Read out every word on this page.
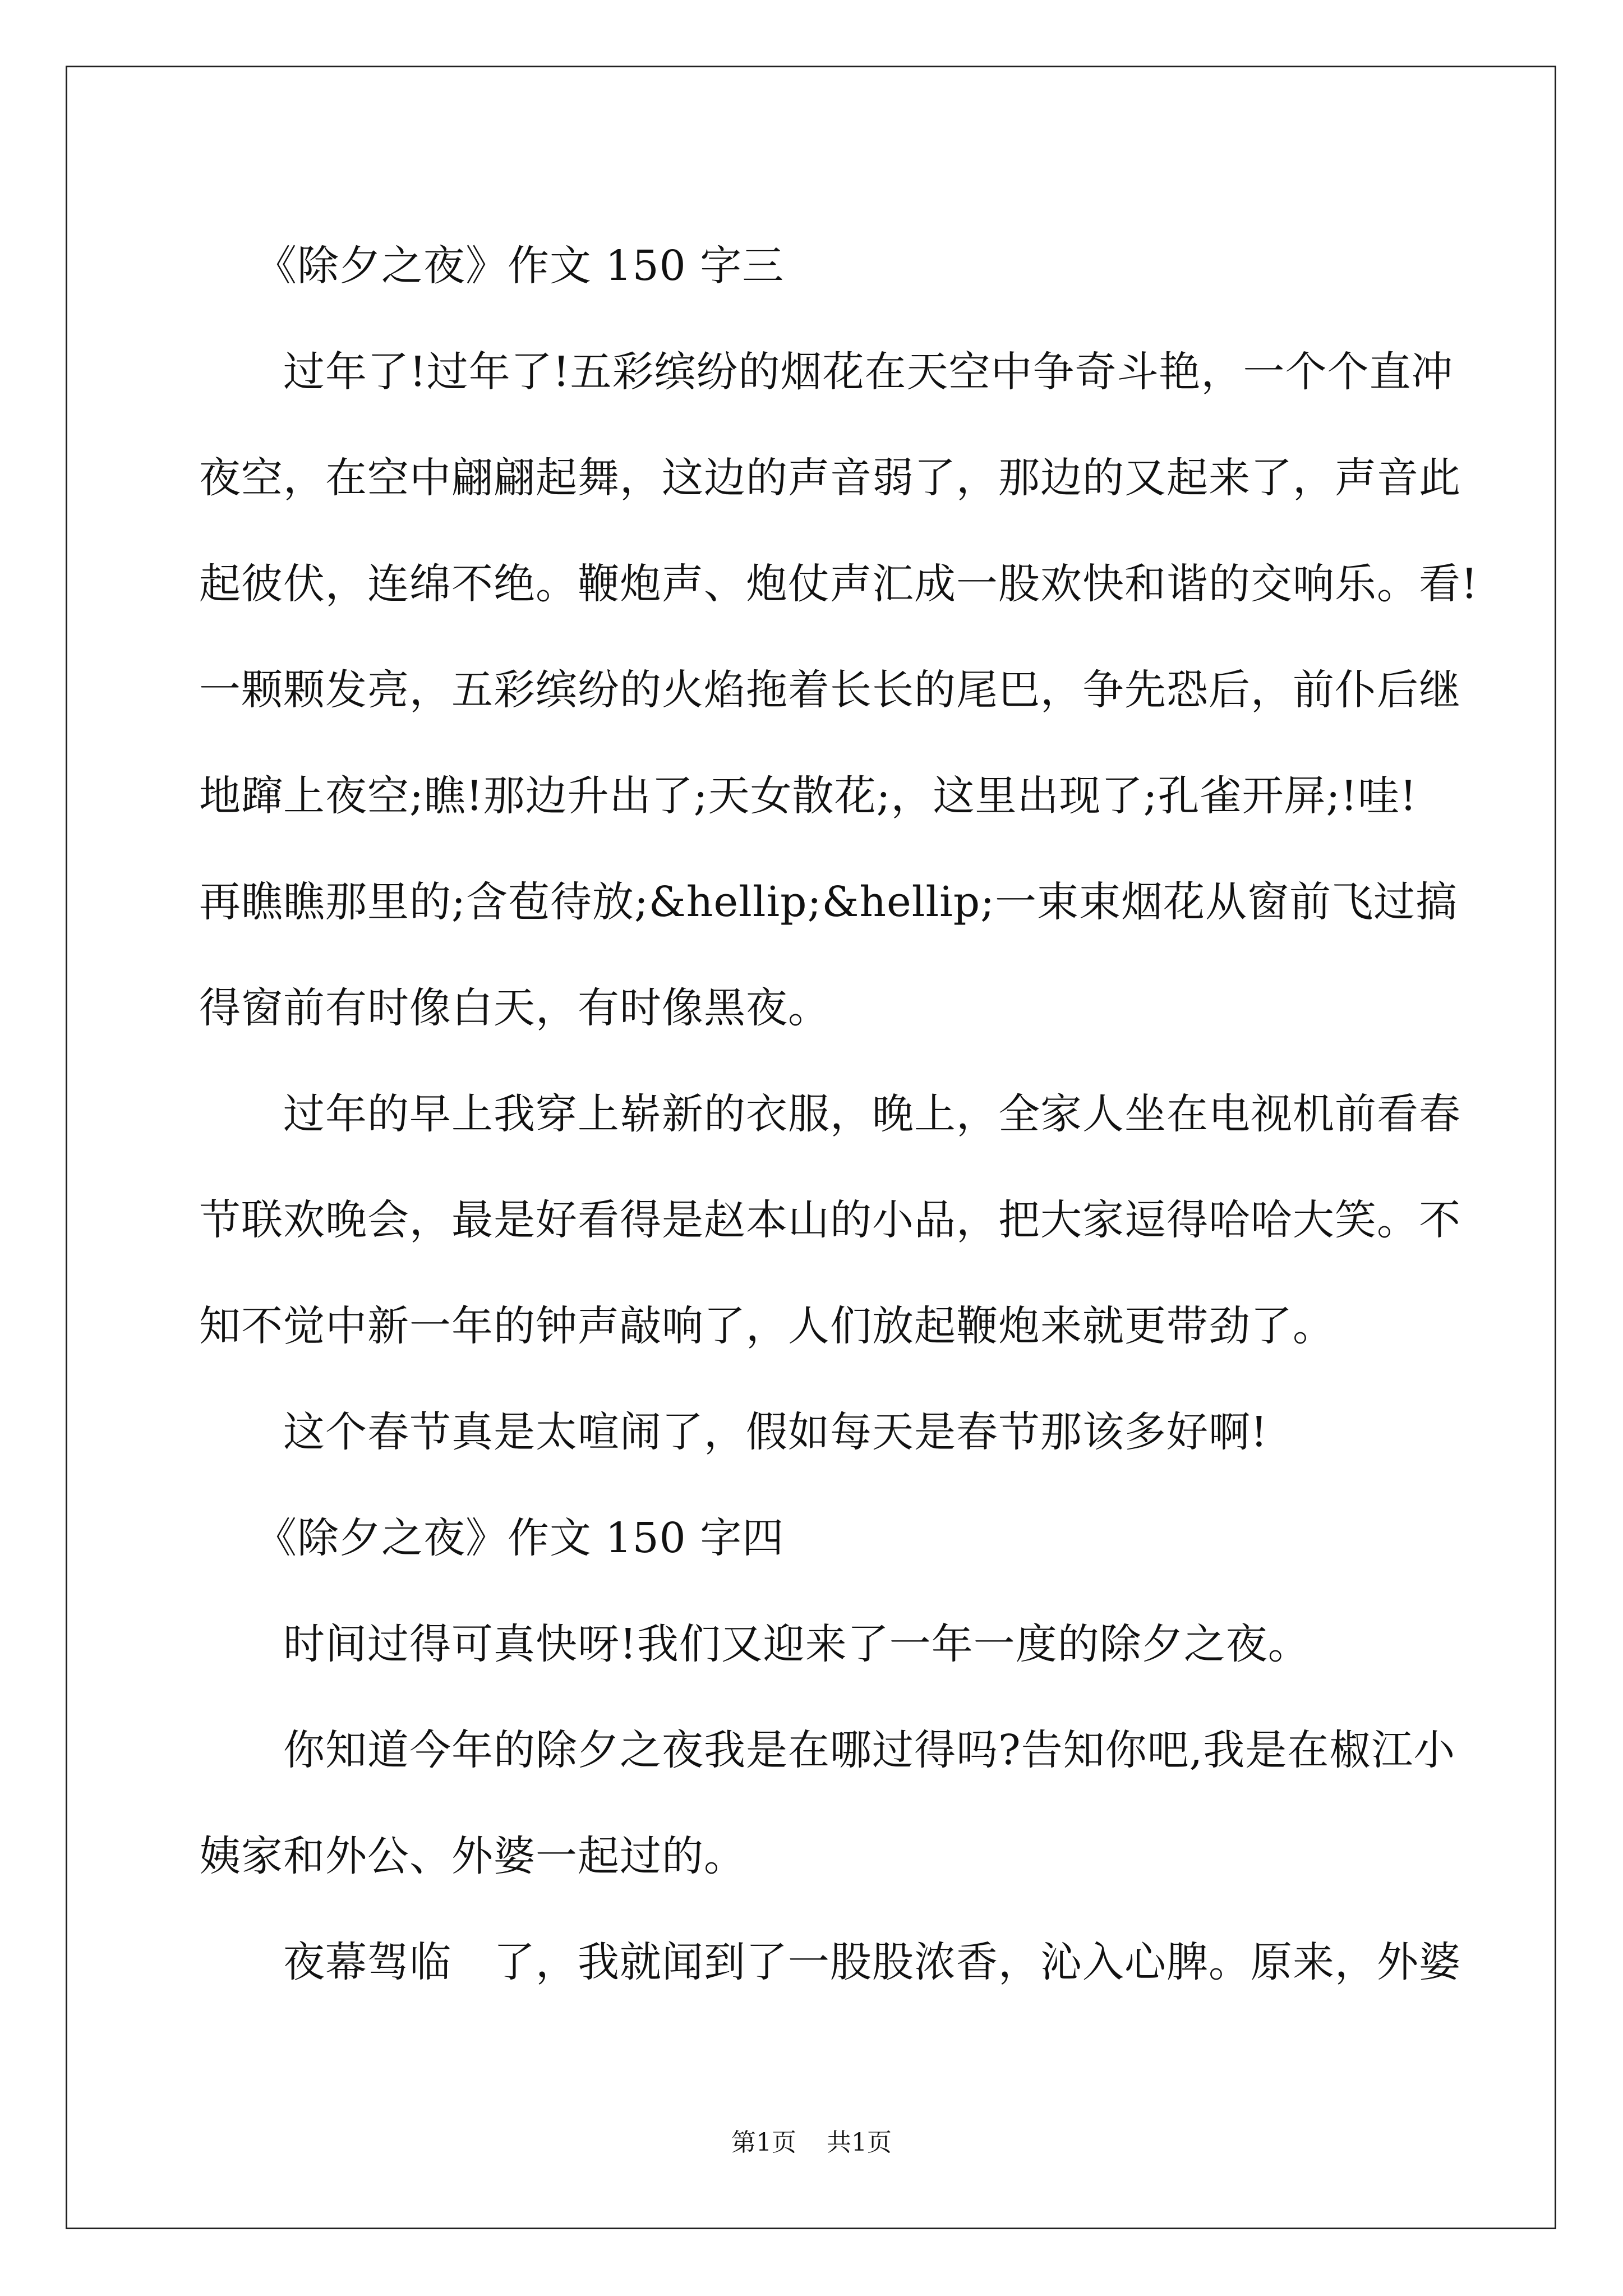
《除夕之夜》作文 150 字三
过年了!过年了!五彩缤纷的烟花在天空中争奇斗艳，一个个直冲
夜空，在空中翩翩起舞，这边的声音弱了，那边的又起来了，声音此
起彼伏，连绵不绝。鞭炮声、炮仗声汇成一股欢快和谐的交响乐。看!
一颗颗发亮，五彩缤纷的火焰拖着长长的尾巴，争先恐后，前仆后继
地蹿上夜空;瞧!那边升出了;天女散花;，这里出现了;孔雀开屏;!哇!
再瞧瞧那里的;含苞待放;&hellip;&hellip;一束束烟花从窗前飞过搞
得窗前有时像白天，有时像黑夜。
过年的早上我穿上崭新的衣服，晚上，全家人坐在电视机前看春
节联欢晚会，最是好看得是赵本山的小品，把大家逗得哈哈大笑。不
知不觉中新一年的钟声敲响了，人们放起鞭炮来就更带劲了。
这个春节真是太喧闹了，假如每天是春节那该多好啊!
《除夕之夜》作文 150 字四
时间过得可真快呀!我们又迎来了一年一度的除夕之夜。
你知道今年的除夕之夜我是在哪过得吗?告知你吧,我是在椒江小
姨家和外公、外婆一起过的。
夜幕驾临　了，我就闻到了一股股浓香，沁入心脾。原来，外婆
第1页 共1页
